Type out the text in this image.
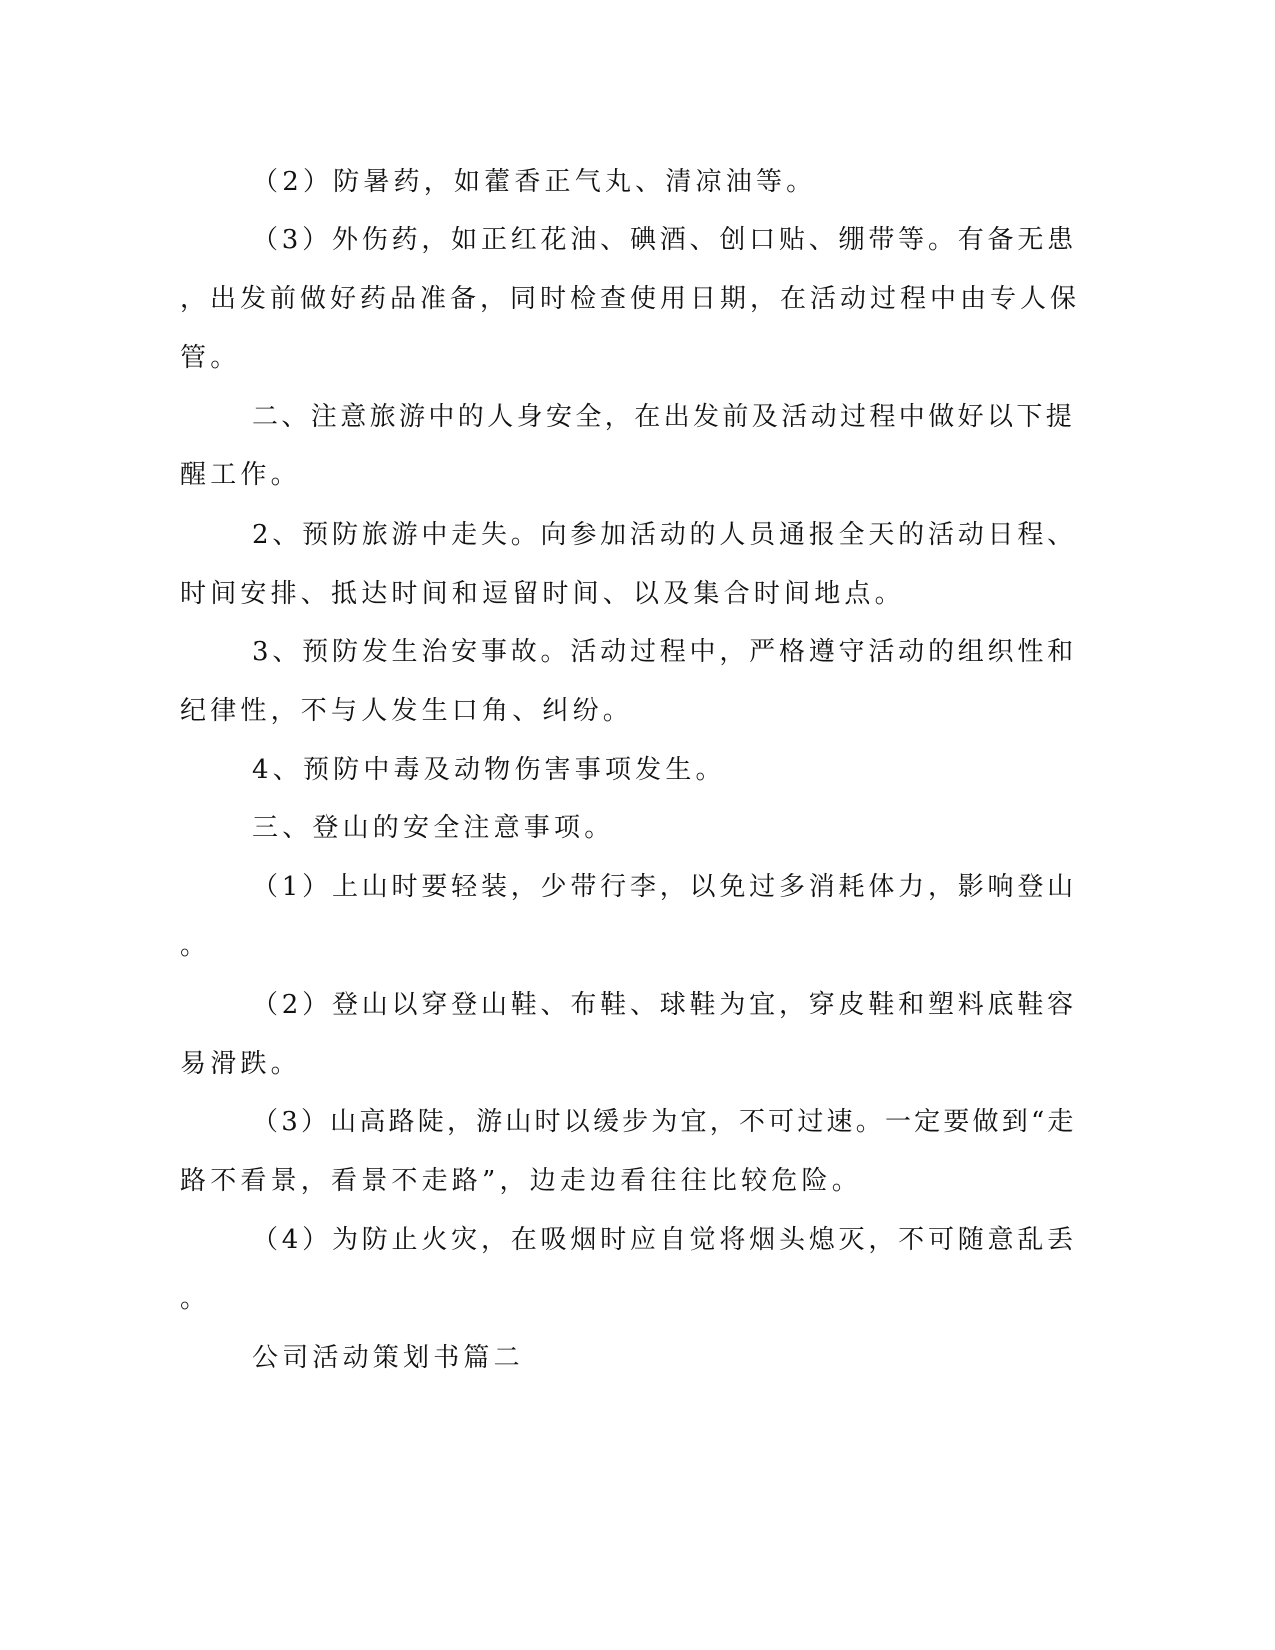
（2）防暑药，如藿香正气丸、清凉油等。

（3）外伤药，如正红花油、碘酒、创口贴、绷带等。有备无患

，出发前做好药品准备，同时检查使用日期，在活动过程中由专人保

管。

二、注意旅游中的人身安全，在出发前及活动过程中做好以下提

醒工作。

2、预防旅游中走失。向参加活动的人员通报全天的活动日程、

时间安排、抵达时间和逗留时间、以及集合时间地点。

3、预防发生治安事故。活动过程中，严格遵守活动的组织性和

纪律性，不与人发生口角、纠纷。

4、预防中毒及动物伤害事项发生。

三、登山的安全注意事项。

（1）上山时要轻装，少带行李，以免过多消耗体力，影响登山

。

（2）登山以穿登山鞋、布鞋、球鞋为宜，穿皮鞋和塑料底鞋容

易滑跌。

（3）山高路陡，游山时以缓步为宜，不可过速。一定要做到“走

路不看景，看景不走路”，边走边看往往比较危险。

（4）为防止火灾，在吸烟时应自觉将烟头熄灭，不可随意乱丢

。

公司活动策划书篇二
